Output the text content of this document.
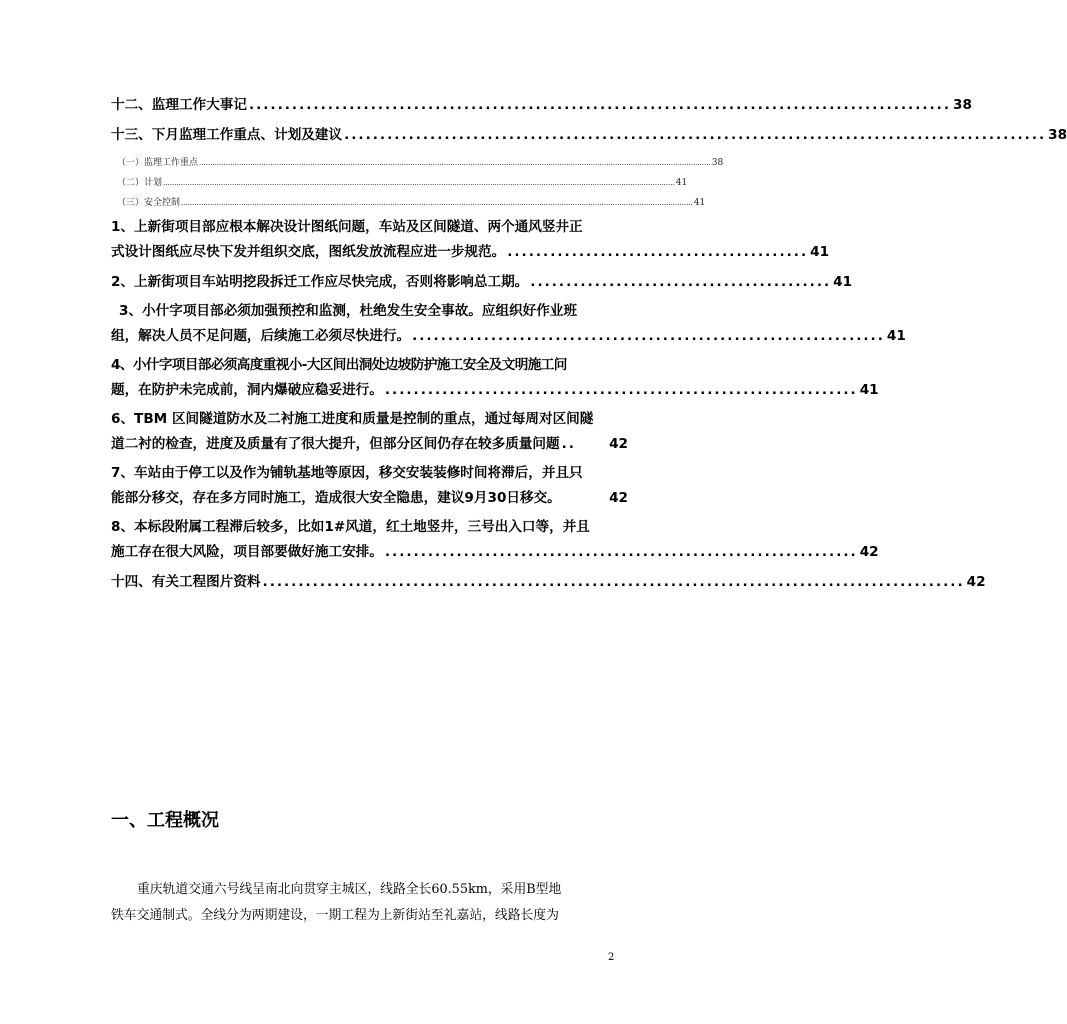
十二、监理工作大事记 .................................................................................................. 38
十三、下月监理工作重点、计划及建议 .................................................................................................. 38
（一）监理工作重点 ...................................................................................................................................................................................................................................... 38
（二）计划 ...................................................................................................................................................................................................................................... 41
（三）安全控制 ...................................................................................................................................................................................................................................... 41
1、上新街项目部应根本解决设计图纸问题，车站及区间隧道、两个通风竖井正
式设计图纸应尽快下发并组织交底，图纸发放流程应进一步规范。 .......................................... 41
2、上新街项目车站明挖段拆迁工作应尽快完成，否则将影响总工期。 .......................................... 41
3、小什字项目部必须加强预控和监测，杜绝发生安全事故。应组织好作业班
组，解决人员不足问题，后续施工必须尽快进行。 .................................................................. 41
4、小什字项目部必须高度重视小-大区间出洞处边坡防护施工安全及文明施工问
题，在防护未完成前，洞内爆破应稳妥进行。 .................................................................. 41
6、TBM 区间隧道防水及二衬施工进度和质量是控制的重点，通过每周对区间隧
道二衬的检查，进度及质量有了很大提升，但部分区间仍存在较多质量问题 ..	42
7、车站由于停工以及作为铺轨基地等原因，移交安装装修时间将滞后，并且只
能部分移交，存在多方同时施工，造成很大安全隐患，建议9月30日移交。
	42
8、本标段附属工程滞后较多，比如1#风道，红土地竖井，三号出入口等，并且
施工存在很大风险，项目部要做好施工安排。 .................................................................. 42
十四、有关工程图片资料 .................................................................................................. 42
一、工程概况
重庆轨道交通六号线呈南北向贯穿主城区，线路全长60.55km，采用B型地
铁车交通制式。全线分为两期建设，一期工程为上新街站至礼嘉站，线路长度为
2
